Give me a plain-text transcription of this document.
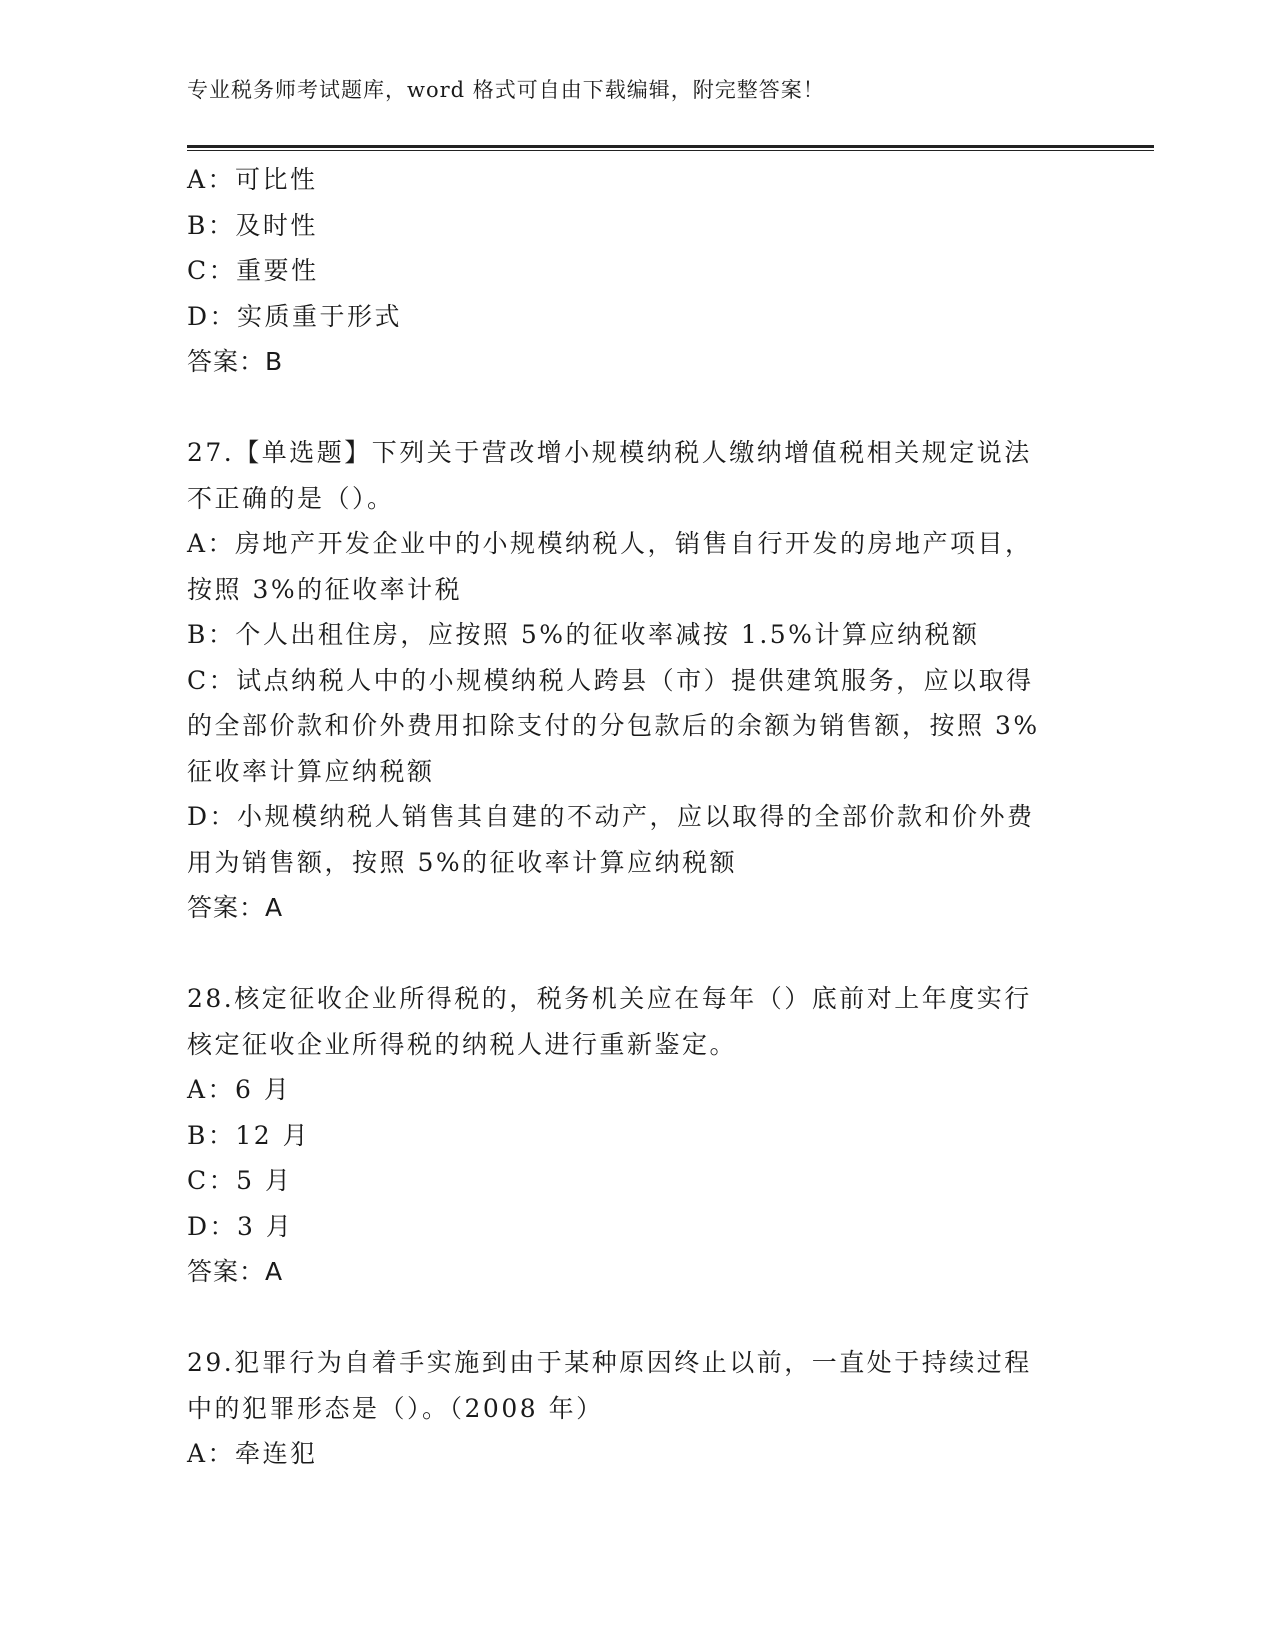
专业税务师考试题库，word 格式可自由下载编辑，附完整答案！
A：可比性
B：及时性
C：重要性
D：实质重于形式
答案：B
27.【单选题】下列关于营改增小规模纳税人缴纳增值税相关规定说法
不正确的是（）。
A：房地产开发企业中的小规模纳税人，销售自行开发的房地产项目，
按照 3%的征收率计税
B：个人出租住房，应按照 5%的征收率减按 1.5%计算应纳税额
C：试点纳税人中的小规模纳税人跨县（市）提供建筑服务，应以取得
的全部价款和价外费用扣除支付的分包款后的余额为销售额，按照 3%
征收率计算应纳税额
D：小规模纳税人销售其自建的不动产，应以取得的全部价款和价外费
用为销售额，按照 5%的征收率计算应纳税额
答案：A
28.核定征收企业所得税的，税务机关应在每年（）底前对上年度实行
核定征收企业所得税的纳税人进行重新鉴定。
A：6 月
B：12 月
C：5 月
D：3 月
答案：A
29.犯罪行为自着手实施到由于某种原因终止以前，一直处于持续过程
中的犯罪形态是（）。（2008 年）
A：牵连犯
